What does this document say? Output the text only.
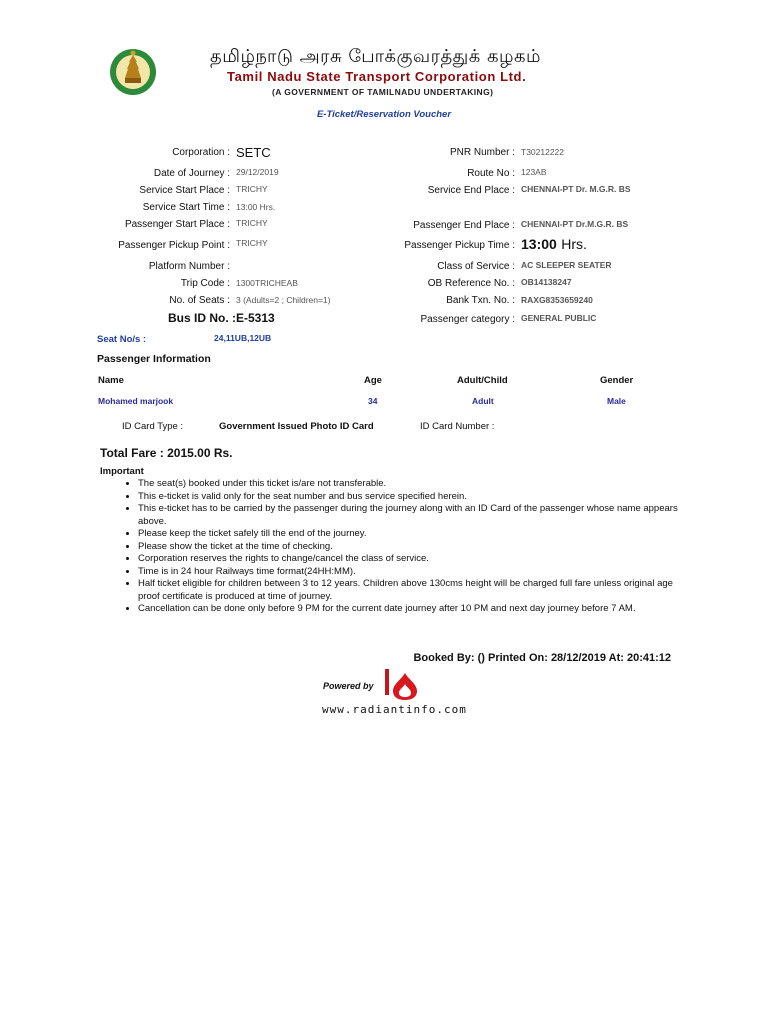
தமிழ்நாடு அரசு போக்குவரத்துக் கழகம்
Tamil Nadu State Transport Corporation Ltd.
(A GOVERNMENT OF TAMILNADU UNDERTAKING)
E-Ticket/Reservation Voucher
Corporation : SETC
Date of Journey : 29/12/2019
Service Start Place : TRICHY
Service Start Time : 13:00 Hrs.
Passenger Start Place : TRICHY
Passenger Pickup Point : TRICHY
Platform Number :
Trip Code : 1300TRICHEAB
No. of Seats : 3 (Adults=2 ; Children=1)
Bus ID No. : E-5313
PNR Number : T30212222
Route No : 123AB
Service End Place : CHENNAI-PT Dr. M.G.R. BS
Passenger End Place : CHENNAI-PT Dr.M.G.R. BS
Passenger Pickup Time : 13:00 Hrs.
Class of Service : AC SLEEPER SEATER
OB Reference No. : OB14138247
Bank Txn. No. : RAXG8353659240
Passenger category : GENERAL PUBLIC
Seat No/s :	24,11UB,12UB
Passenger Information
Name	Age	Adult/Child	Gender
Mohamed marjook	34	Adult	Male
ID Card Type :	Government Issued Photo ID Card	ID Card Number :
Total Fare : 2015.00 Rs.
Important
• The seat(s) booked under this ticket is/are not transferable.
• This e-ticket is valid only for the seat number and bus service specified herein.
• This e-ticket has to be carried by the passenger during the journey along with an ID Card of the passenger whose name appears above.
• Please keep the ticket safely till the end of the journey.
• Please show the ticket at the time of checking.
• Corporation reserves the rights to change/cancel the class of service.
• Time is in 24 hour Railways time format(24HH:MM).
• Half ticket eligible for children between 3 to 12 years. Children above 130cms height will be charged full fare unless original age proof certificate is produced at time of journey.
• Cancellation can be done only before 9 PM for the current date journey after 10 PM and next day journey before 7 AM.
Booked By: () Printed On: 28/12/2019 At: 20:41:12
Powered by
www.radiantinfo.com
